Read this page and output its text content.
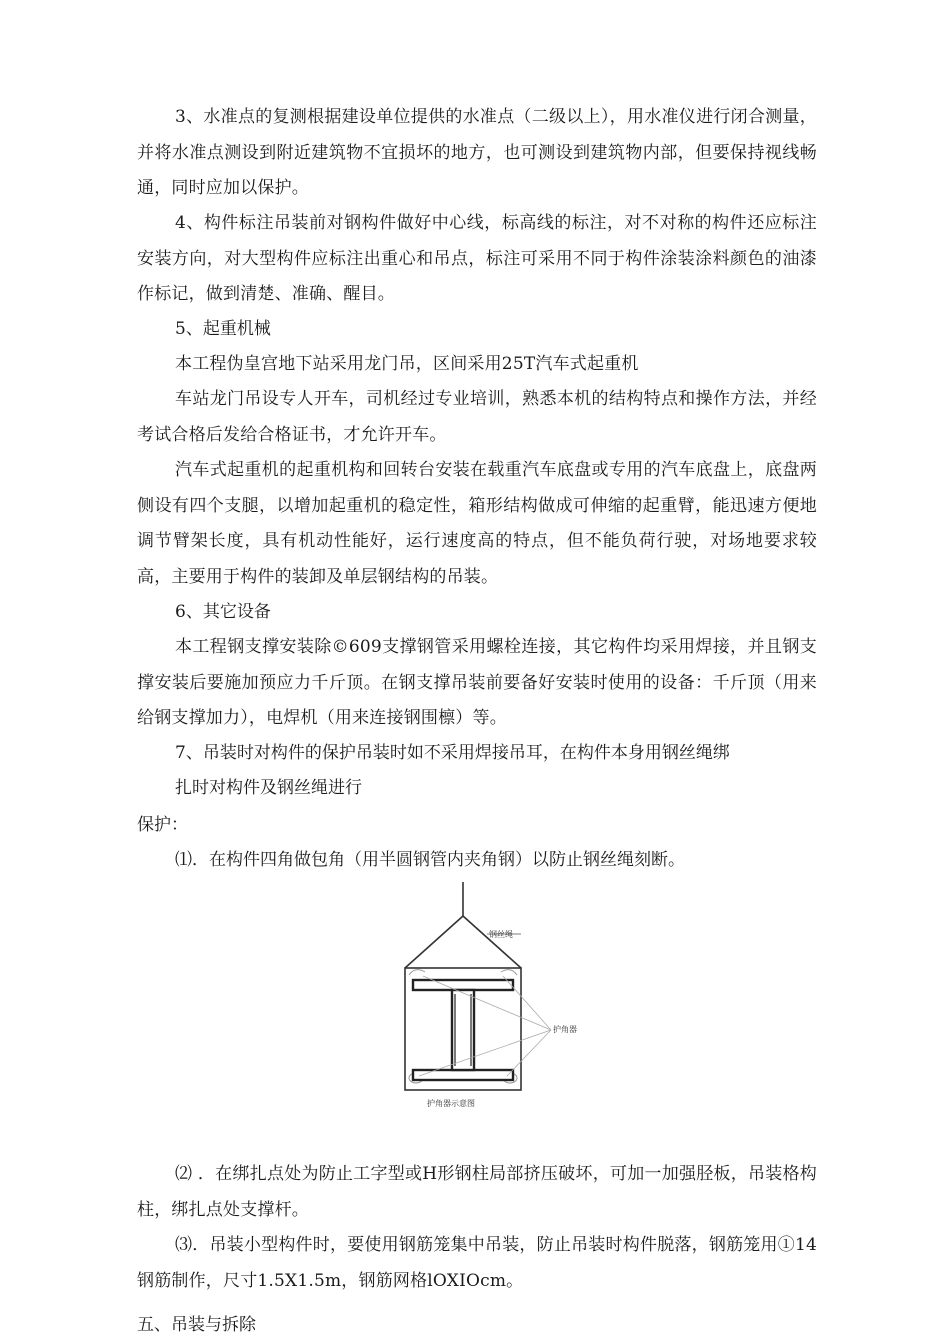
3、水准点的复测根据建设单位提供的水准点（二级以上），用水准仪进行闭合测量，并将水准点测设到附近建筑物不宜损坏的地方，也可测设到建筑物内部，但要保持视线畅通，同时应加以保护。

4、构件标注吊装前对钢构件做好中心线，标高线的标注，对不对称的构件还应标注安装方向，对大型构件应标注出重心和吊点，标注可采用不同于构件涂装涂料颜色的油漆作标记，做到清楚、准确、醒目。

5、起重机械

本工程伪皇宫地下站采用龙门吊，区间采用25T汽车式起重机

车站龙门吊设专人开车，司机经过专业培训，熟悉本机的结构特点和操作方法，并经考试合格后发给合格证书，才允许开车。

汽车式起重机的起重机构和回转台安装在载重汽车底盘或专用的汽车底盘上，底盘两侧设有四个支腿，以增加起重机的稳定性，箱形结构做成可伸缩的起重臂，能迅速方便地调节臂架长度，具有机动性能好，运行速度高的特点，但不能负荷行驶，对场地要求较高，主要用于构件的装卸及单层钢结构的吊装。

6、其它设备

本工程钢支撑安装除©609支撑钢管采用螺栓连接，其它构件均采用焊接，并且钢支撑安装后要施加预应力千斤顶。在钢支撑吊装前要备好安装时使用的设备：千斤顶（用来给钢支撑加力），电焊机（用来连接钢围檩）等。

7、吊装时对构件的保护吊装时如不采用焊接吊耳，在构件本身用钢丝绳绑

扎时对构件及钢丝绳进行

保护：

⑴．在构件四角做包角（用半圆钢管内夹角钢）以防止钢丝绳刻断。

钢丝绳
护角器
护角器示意图

⑵ ．在绑扎点处为防止工字型或H形钢柱局部挤压破坏，可加一加强胫板，吊装格构柱，绑扎点处支撑杆。

⑶．吊装小型构件时，要使用钢筋笼集中吊装，防止吊装时构件脱落，钢筋笼用①14钢筋制作，尺寸1.5X1.5m，钢筋网格lOXIOcm。

五、吊装与拆除
